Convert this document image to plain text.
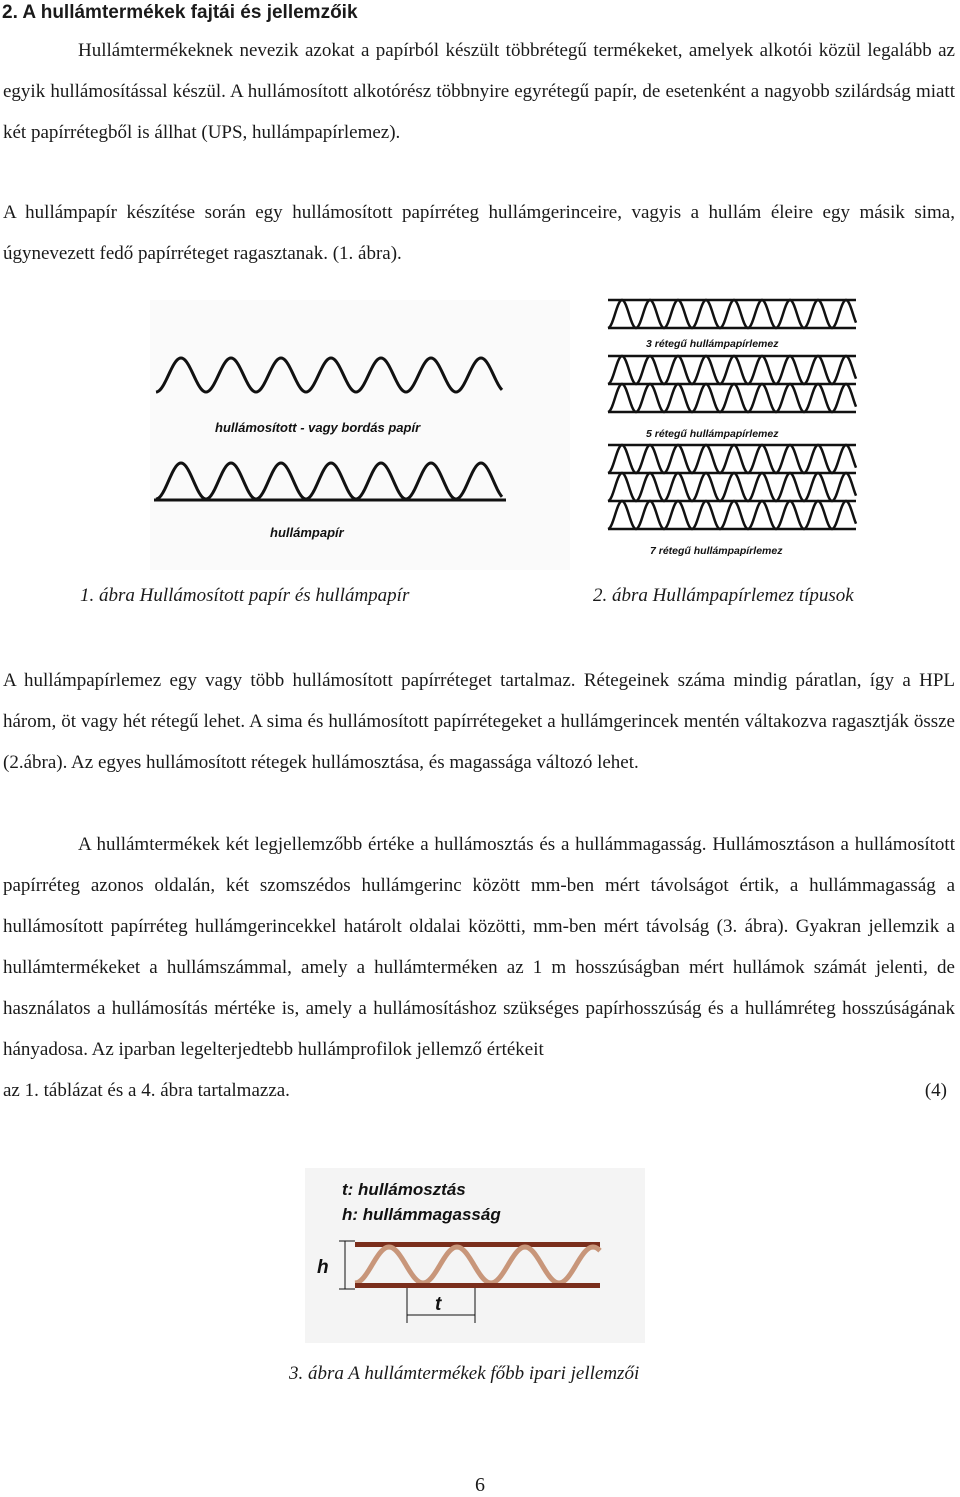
2. A hullámtermékek fajtái és jellemzőik

Hullámtermékeknek nevezik azokat a papírból készült többrétegű termékeket, amelyek alkotói közül legalább az egyik hullámosítással készül. A hullámosított alkotórész többnyire egyrétegű papír, de esetenként a nagyobb szilárdság miatt két papírrétegből is állhat (UPS, hullámpapírlemez).

A hullámpapír készítése során egy hullámosított papírréteg hullámgerinceire, vagyis a hullám éleire egy másik sima, úgynevezett fedő papírréteget ragasztanak. (1. ábra).

hullámosított - vagy bordás papír
hullámpapír
3 rétegű hullámpapírlemez
5 rétegű hullámpapírlemez
7 rétegű hullámpapírlemez
1. ábra Hullámosított papír és hullámpapír	2. ábra Hullámpapírlemez típusok

A hullámpapírlemez egy vagy több hullámosított papírréteget tartalmaz. Rétegeinek száma mindig páratlan, így a HPL három, öt vagy hét rétegű lehet. A sima és hullámosított papírrétegeket a hullámgerincek mentén váltakozva ragasztják össze (2.ábra). Az egyes hullámosított rétegek hullámosztása, és magassága változó lehet.

A hullámtermékek két legjellemzőbb értéke a hullámosztás és a hullámmagasság. Hullámosztáson a hullámosított papírréteg azonos oldalán, két szomszédos hullámgerinc között mm-ben mért távolságot értik, a hullámmagasság a hullámosított papírréteg hullámgerincekkel határolt oldalai közötti, mm-ben mért távolság (3. ábra). Gyakran jellemzik a hullámtermékeket a hullámszámmal, amely a hullámterméken az 1 m hosszúságban mért hullámok számát jelenti, de használatos a hullámosítás mértéke is, amely a hullámosításhoz szükséges papírhosszúság és a hullámréteg hosszúságának hányadosa. Az iparban legelterjedtebb hullámprofilok jellemző értékeit
az 1. táblázat és a 4. ábra tartalmazza.	(4)
t: hullámosztás
h: hullámmagasság
h
t
3. ábra A hullámtermékek főbb ipari jellemzői
6
